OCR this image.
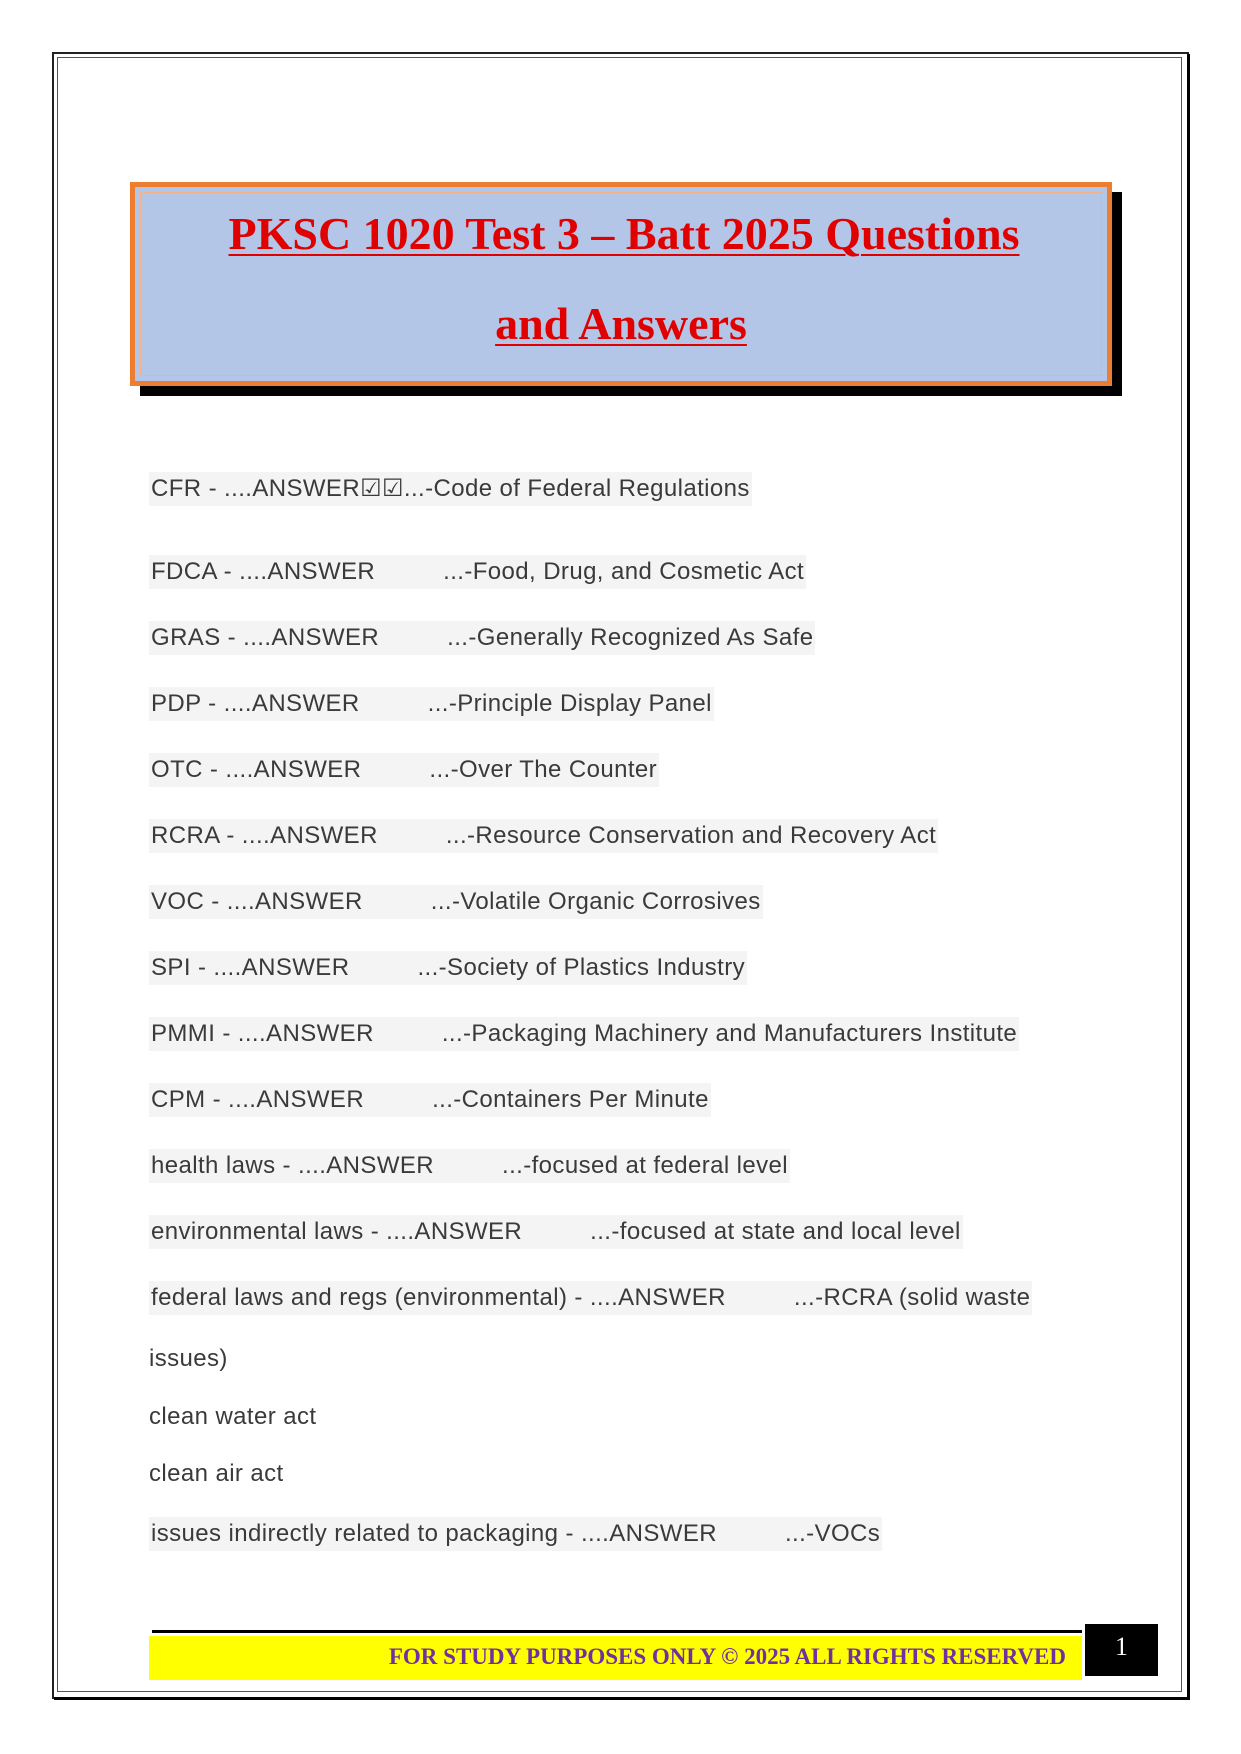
PKSC 1020 Test 3 – Batt 2025 Questions
and Answers
CFR - ....ANSWER☑☑...-Code of Federal Regulations
FDCA - ....ANSWER	...-Food, Drug, and Cosmetic Act
GRAS - ....ANSWER	...-Generally Recognized As Safe
PDP - ....ANSWER	...-Principle Display Panel
OTC - ....ANSWER	...-Over The Counter
RCRA - ....ANSWER	...-Resource Conservation and Recovery Act
VOC - ....ANSWER	...-Volatile Organic Corrosives
SPI - ....ANSWER	...-Society of Plastics Industry
PMMI - ....ANSWER	...-Packaging Machinery and Manufacturers Institute
CPM - ....ANSWER	...-Containers Per Minute
health laws - ....ANSWER	...-focused at federal level
environmental laws - ....ANSWER	...-focused at state and local level
federal laws and regs (environmental) - ....ANSWER	...-RCRA (solid waste
issues)
clean water act
clean air act
issues indirectly related to packaging - ....ANSWER	...-VOCs
FOR STUDY PURPOSES ONLY © 2025 ALL RIGHTS RESERVED	1
